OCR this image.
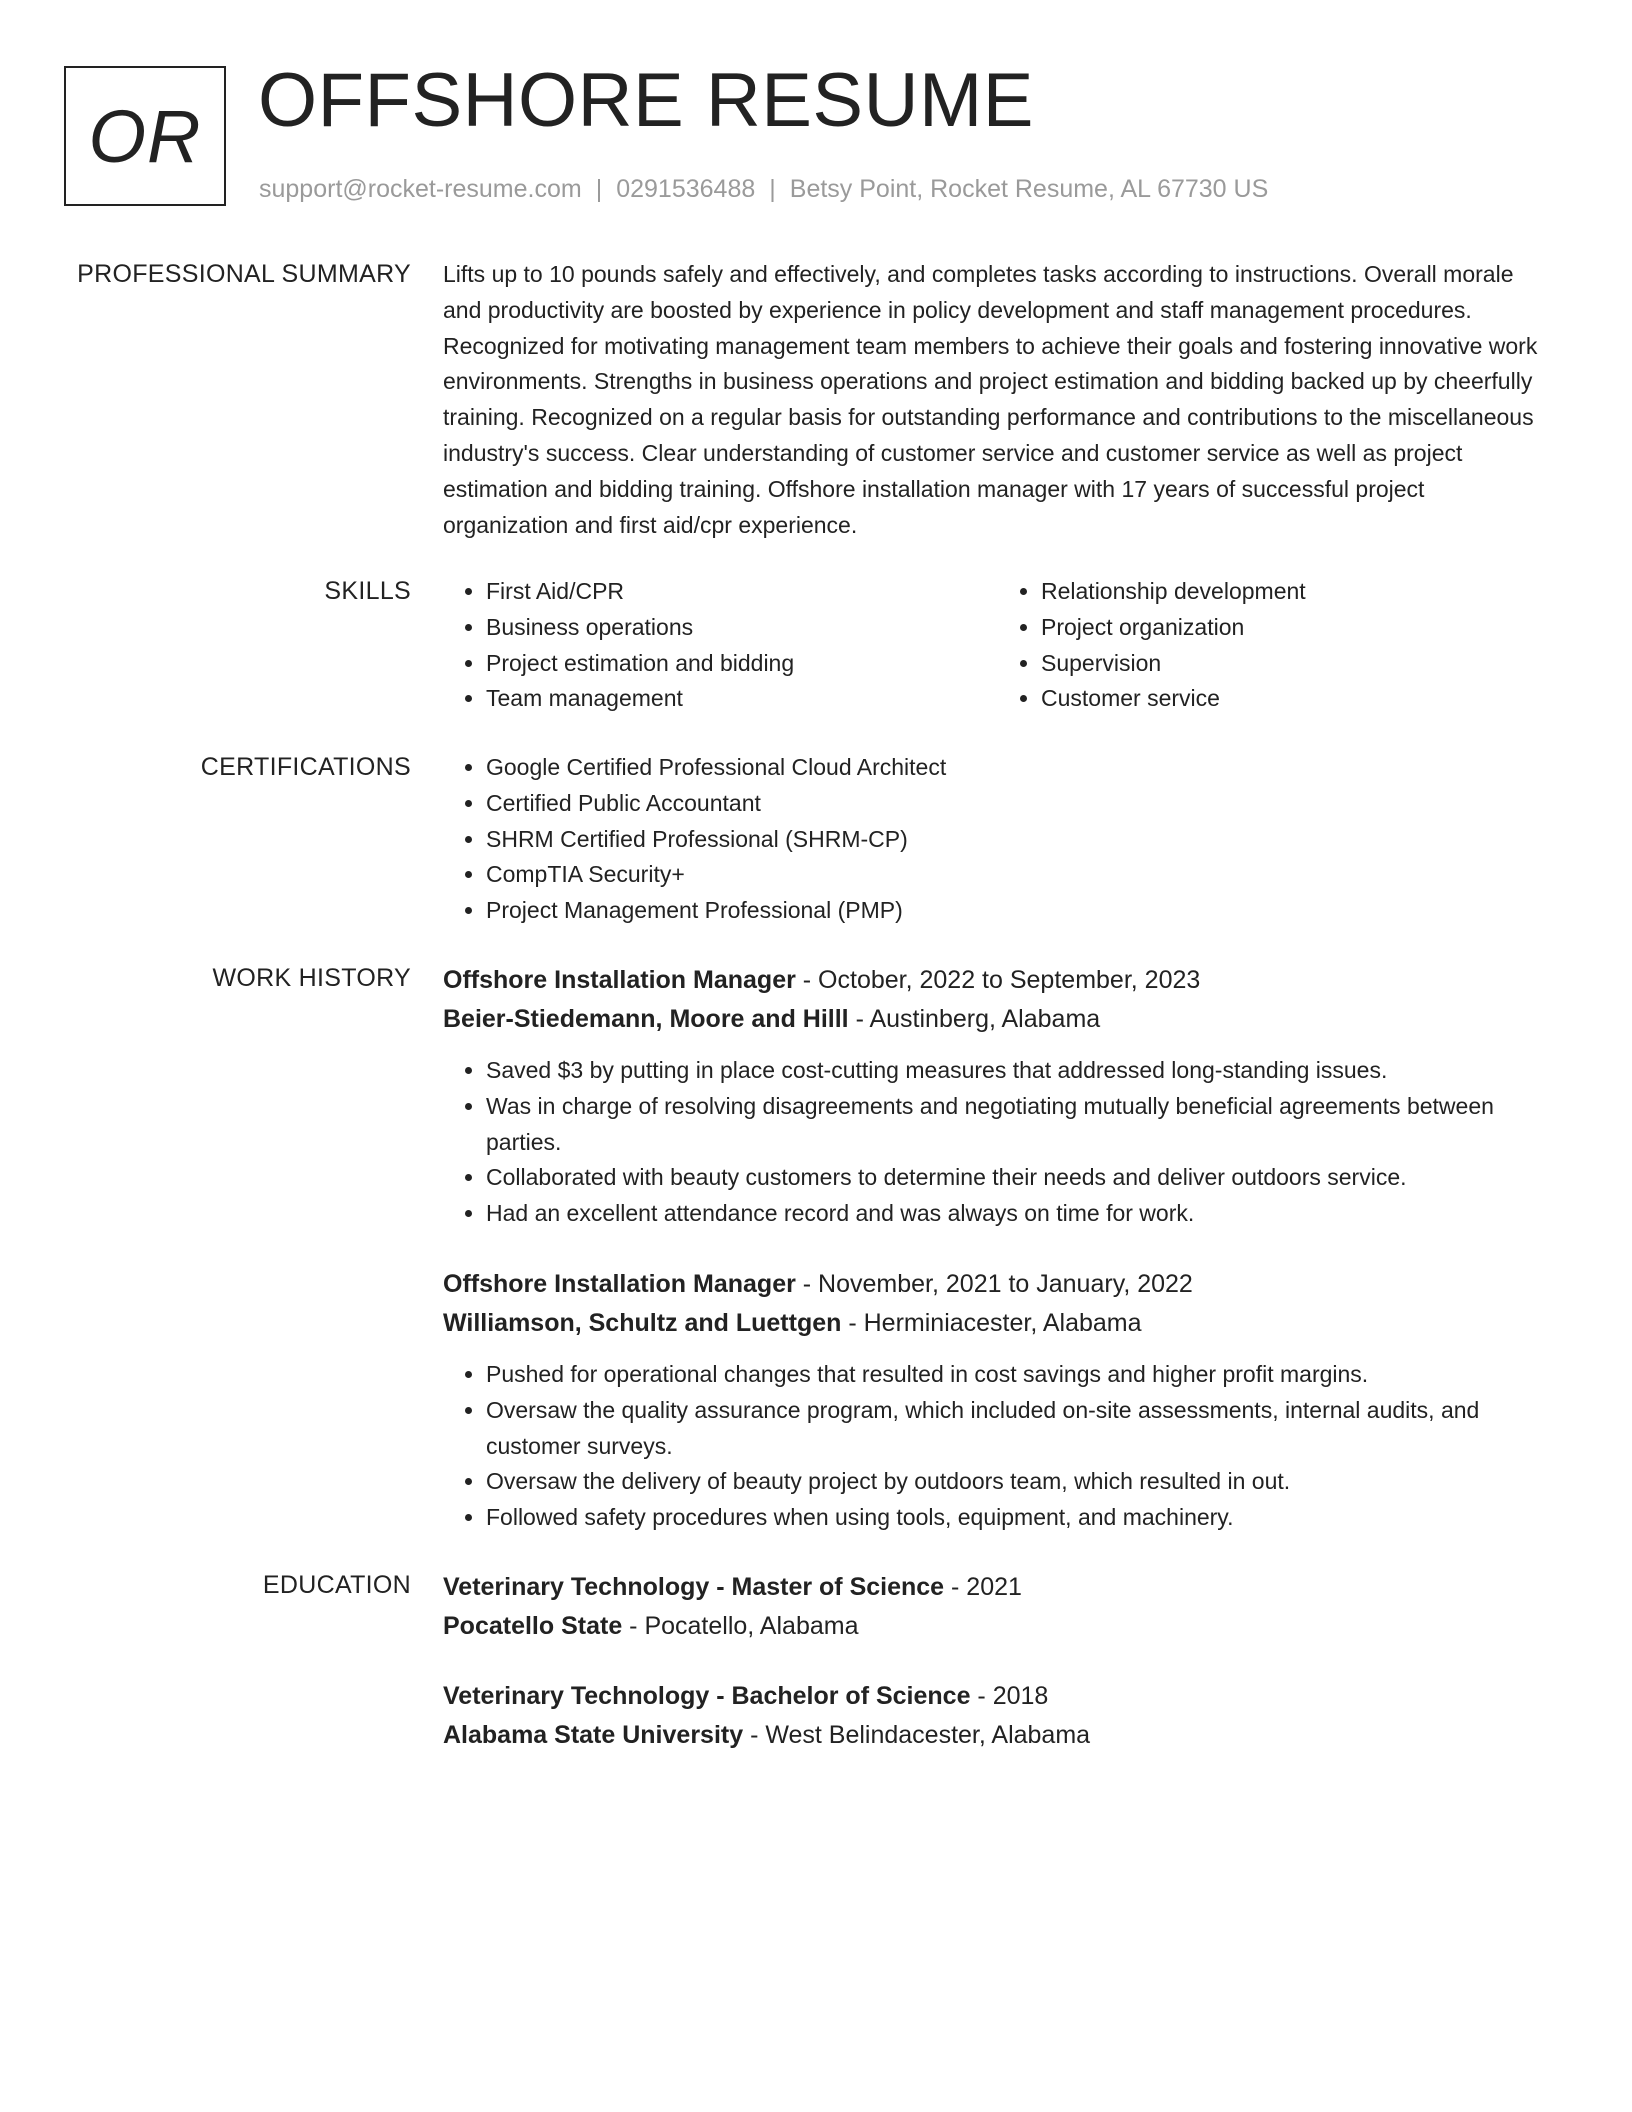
OR OFFSHORE RESUME
support@rocket-resume.com | 0291536488 | Betsy Point, Rocket Resume, AL 67730 US
PROFESSIONAL SUMMARY Lifts up to 10 pounds safely and effectively, and completes tasks according to instructions. Overall morale and productivity are boosted by experience in policy development and staff management procedures. Recognized for motivating management team members to achieve their goals and fostering innovative work environments. Strengths in business operations and project estimation and bidding backed up by cheerfully training. Recognized on a regular basis for outstanding performance and contributions to the miscellaneous industry's success. Clear understanding of customer service and customer service as well as project estimation and bidding training. Offshore installation manager with 17 years of successful project organization and first aid/cpr experience.

SKILLS	• First Aid/CPR
• Business operations
• Project estimation and bidding
• Team management
• Relationship development
• Project organization
• Supervision
• Customer service
CERTIFICATIONS	• Google Certified Professional Cloud Architect
• Certified Public Accountant
• SHRM Certified Professional (SHRM-CP)
• CompTIA Security+
• Project Management Professional (PMP)
WORK HISTORY Offshore Installation Manager - October, 2022 to September, 2023
Beier-Stiedemann, Moore and Hilll - Austinberg, Alabama
• Saved $3 by putting in place cost-cutting measures that addressed long-standing issues.
• Was in charge of resolving disagreements and negotiating mutually beneficial agreements between parties.
• Collaborated with beauty customers to determine their needs and deliver outdoors service.
• Had an excellent attendance record and was always on time for work.
Offshore Installation Manager - November, 2021 to January, 2022
Williamson, Schultz and Luettgen - Herminiacester, Alabama
• Pushed for operational changes that resulted in cost savings and higher profit margins.
• Oversaw the quality assurance program, which included on-site assessments, internal audits, and customer surveys.
• Oversaw the delivery of beauty project by outdoors team, which resulted in out.
• Followed safety procedures when using tools, equipment, and machinery.
EDUCATION Veterinary Technology - Master of Science - 2021
Pocatello State - Pocatello, Alabama
Veterinary Technology - Bachelor of Science - 2018
Alabama State University - West Belindacester, Alabama
